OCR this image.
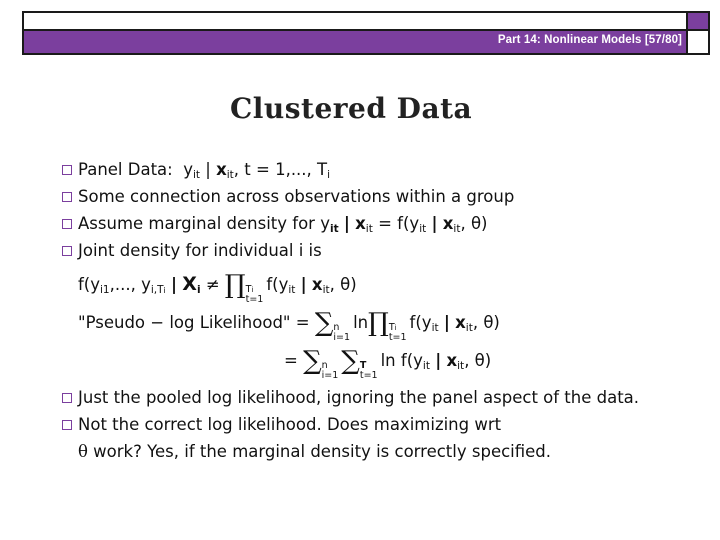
Part 14: Nonlinear Models [57/80]
Clustered Data
Panel Data: $y_{it}$ | $x_{it}$, t = 1,..., $T_i$
Some connection across observations within a group
Assume marginal density for $y_{it}$ | $x_{it} = f(y_{it}$ | $x_{it}$, θ)
Joint density for individual i is
$f(y_{i1}$,..., $y_{i,Ti}$ | $X_i$ ≠ ∏ Ti
t=1
$f(y_{it}$ | $x_{it}$, θ)
"Pseudo − log Likelihood" = ∑ n
i=1
ln∏ Ti
t=1
$f(y_{it}$ | $x_{it}$, θ)
= ∑ n
i=1 ∑ T
t=1
$\ln f(y_{it}$ | $x_{it}$, θ)
Just the pooled log likelihood, ignoring the panel aspect of the data.
Not the correct log likelihood. Does maximizing wrt
θ work? Yes, if the marginal density is correctly specified.
